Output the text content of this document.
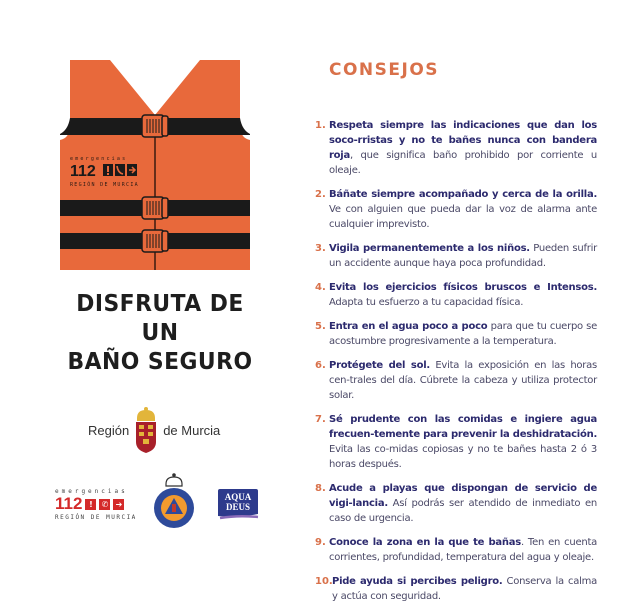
emergencias
112
REGIÓN DE MURCIA
DISFRUTA DE UN
BAÑO SEGURO
Región	de Murcia
emergencias
112 !	✆ ➔
REGIÓN DE MURCIA
AQUA
DEUS
CONSEJOS
1. Respeta siempre las indicaciones que dan los soco-rristas y no te bañes nunca con bandera roja, que significa baño prohibido por corriente u oleaje.
2. Báñate siempre acompañado y cerca de la orilla. Ve con alguien que pueda dar la voz de alarma ante cualquier imprevisto.
3. Vigila permanentemente a los niños. Pueden sufrir un accidente aunque haya poca profundidad.
4. Evita los ejercicios físicos bruscos e Intensos. Adapta tu esfuerzo a tu capacidad física.
5. Entra en el agua poco a poco para que tu cuerpo se acostumbre progresivamente a la temperatura.
6. Protégete del sol. Evita la exposición en las horas cen-trales del día. Cúbrete la cabeza y utiliza protector solar.
7. Sé prudente con las comidas e ingiere agua frecuen-temente para prevenir la deshidratación. Evita las co-midas copiosas y no te bañes hasta 2 ó 3 horas después.
8. Acude a playas que dispongan de servicio de vigi-lancia. Así podrás ser atendido de inmediato en caso de urgencia.
9. Conoce la zona en la que te bañas. Ten en cuenta corrientes, profundidad, temperatura del agua y oleaje.
10. Pide ayuda si percibes peligro. Conserva la calma y actúa con seguridad.
